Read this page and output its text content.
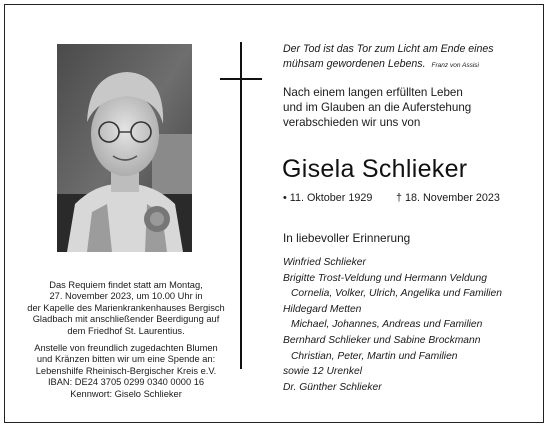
Das Requiem findet statt am Montag,

27. November 2023, um 10.00 Uhr in

der Kapelle des Marienkrankenhauses Bergisch

Gladbach mit anschließender Beerdigung auf

dem Friedhof St. Laurentius.

Anstelle von freundlich zugedachten Blumen

und Kränzen bitten wir um eine Spende an:

Lebenshilfe Rheinisch-Bergischer Kreis e.V.

IBAN: DE24 3705 0299 0340 0000 16

Kennwort: Giselo Schlieker

Der Tod ist das Tor zum Licht am Ende eines
mühsam gewordenen Lebens. Franz von Assisi

Nach einem langen erfüllten Leben

und im Glauben an die Auferstehung

verabschieden wir uns von

Gisela Schlieker
• 11. Oktober 1929 † 18. November 2023
In liebevoller Erinnerung
Winfried Schlieker
Brigitte Trost-Veldung und Hermann Veldung
Cornelia, Volker, Ulrich, Angelika und Familien
Hildegard Metten
Michael, Johannes, Andreas und Familien
Bernhard Schlieker und Sabine Brockmann
Christian, Peter, Martin und Familien
sowie 12 Urenkel
Dr. Günther Schlieker
